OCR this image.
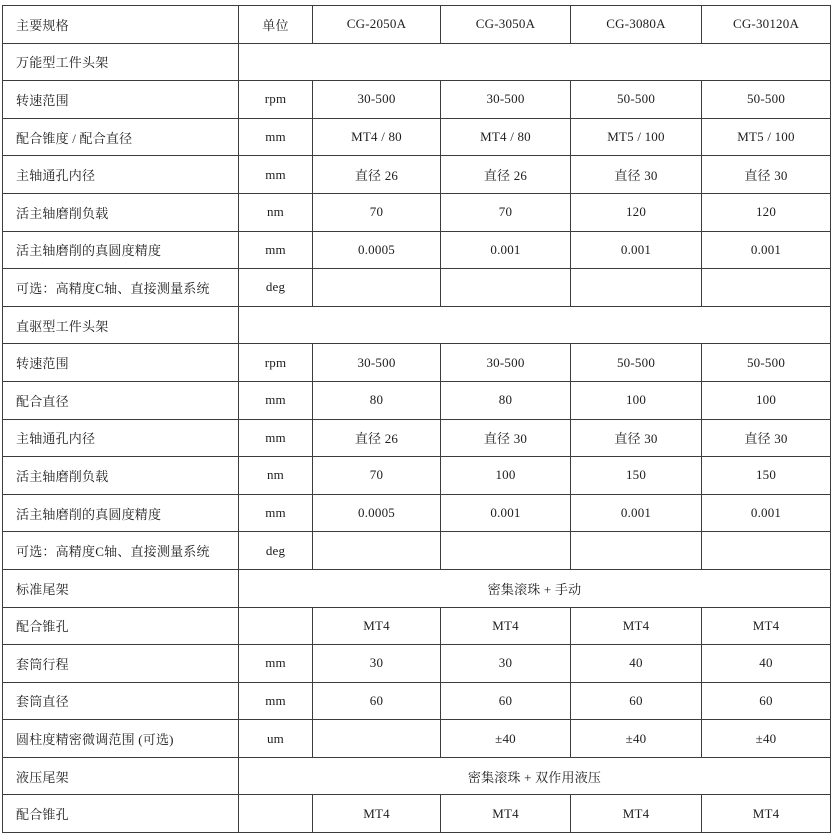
主要规格	单位	CG-2050A	CG-3050A	CG-3080A	CG-30120A
万能型工件头架					
转速范围	rpm	30-500	30-500	50-500	50-500
配合锥度 / 配合直径	mm	MT4 / 80	MT4 / 80	MT5 / 100	MT5 / 100
主轴通孔内径	mm	直径 26	直径 26	直径 30	直径 30
活主轴磨削负载	nm	70	70	120	120
活主轴磨削的真圆度精度	mm	0.0005	0.001	0.001	0.001
可选：高精度C轴、直接测量系统	deg				
直驱型工件头架					
转速范围	rpm	30-500	30-500	50-500	50-500
配合直径	mm	80	80	100	100
主轴通孔内径	mm	直径 26	直径 30	直径 30	直径 30
活主轴磨削负载	nm	70	100	150	150
活主轴磨削的真圆度精度	mm	0.0005	0.001	0.001	0.001
可选：高精度C轴、直接测量系统	deg				
标准尾架	密集滚珠 + 手动				
配合锥孔		MT4	MT4	MT4	MT4
套筒行程	mm	30	30	40	40
套筒直径	mm	60	60	60	60
圆柱度精密微调范围 (可选)	um		±40	±40	±40
液压尾架	密集滚珠 + 双作用液压				
配合锥孔		MT4	MT4	MT4	MT4
